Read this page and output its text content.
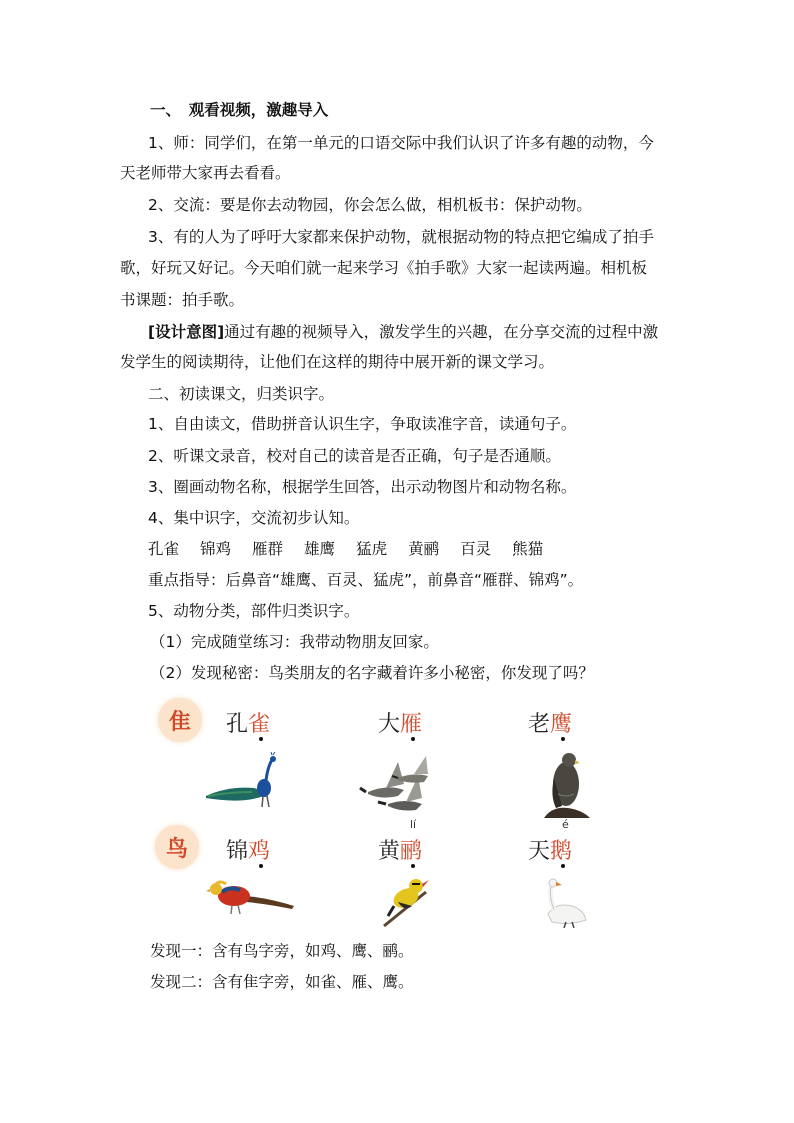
一、　观看视频，激趣导入
1、师：同学们，在第一单元的口语交际中我们认识了许多有趣的动物，今
天老师带大家再去看看。
2、交流：要是你去动物园，你会怎么做，相机板书：保护动物。
3、有的人为了呼吁大家都来保护动物，就根据动物的特点把它编成了拍手
歌，好玩又好记。今天咱们就一起来学习《拍手歌》大家一起读两遍。相机板
书课题：拍手歌。
[设计意图]通过有趣的视频导入，激发学生的兴趣，在分享交流的过程中激
发学生的阅读期待，让他们在这样的期待中展开新的课文学习。
二、初读课文，归类识字。
1、自由读文，借助拼音认识生字，争取读准字音，读通句子。
2、听课文录音，校对自己的读音是否正确，句子是否通顺。
3、圈画动物名称，根据学生回答，出示动物图片和动物名称。
4、集中识字，交流初步认知。
孔雀 锦鸡 雁群 雄鹰 猛虎 黄鹂 百灵 熊猫
重点指导：后鼻音“雄鹰、百灵、猛虎”，前鼻音“雁群、锦鸡”。
5、动物分类，部件归类识字。
（1）完成随堂练习：我带动物朋友回家。
（2）发现秘密：鸟类朋友的名字藏着许多小秘密，你发现了吗？
隹
鸟
孔雀	大雁	老鹰
锦鸡
lí
黄鹂
é
天鹅
发现一：含有鸟字旁，如鸡、鹰、鹂。
发现二：含有隹字旁，如雀、雁、鹰。
